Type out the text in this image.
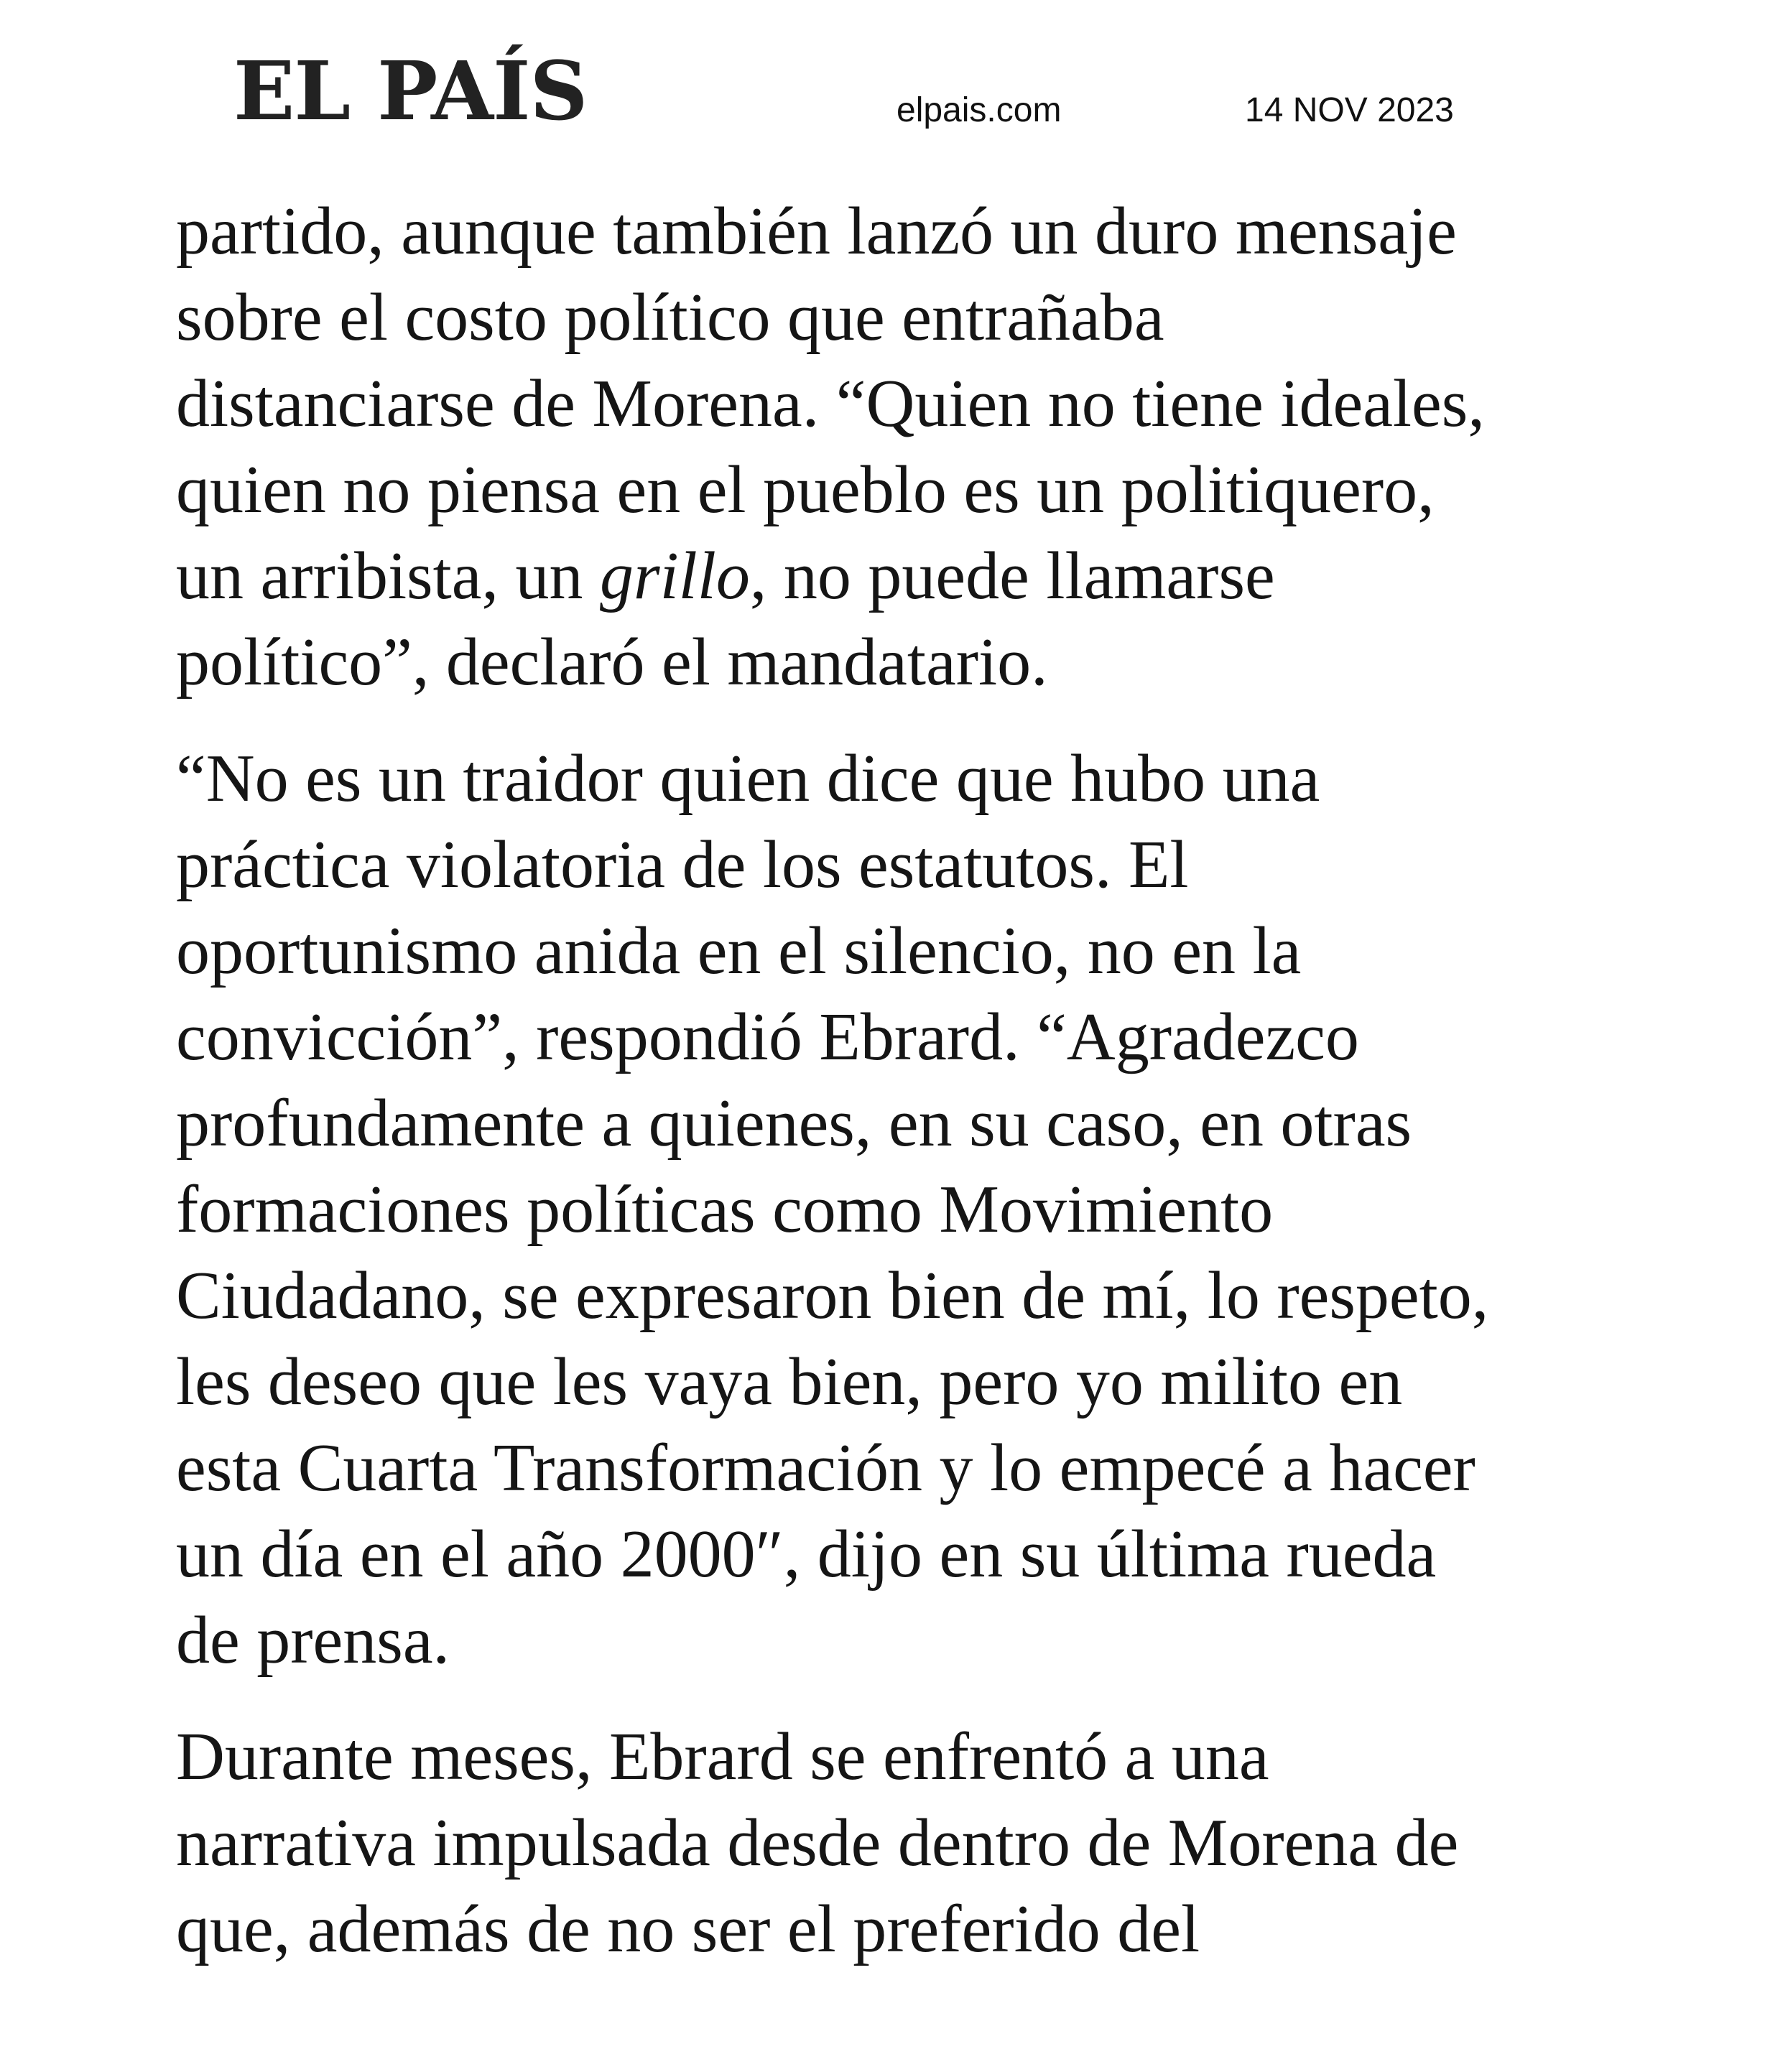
EL PAÍS	elpais.com	14 NOV 2023

partido, aunque también lanzó un duro mensaje
sobre el costo político que entrañaba
distanciarse de Morena. “Quien no tiene ideales,
quien no piensa en el pueblo es un politiquero,
un arribista, un grillo, no puede llamarse
político”, declaró el mandatario.

“No es un traidor quien dice que hubo una
práctica violatoria de los estatutos. El
oportunismo anida en el silencio, no en la
convicción”, respondió Ebrard. “Agradezco
profundamente a quienes, en su caso, en otras
formaciones políticas como Movimiento
Ciudadano, se expresaron bien de mí, lo respeto,
les deseo que les vaya bien, pero yo milito en
esta Cuarta Transformación y lo empecé a hacer
un día en el año 2000″, dijo en su última rueda
de prensa.

Durante meses, Ebrard se enfrentó a una
narrativa impulsada desde dentro de Morena de
que, además de no ser el preferido del
